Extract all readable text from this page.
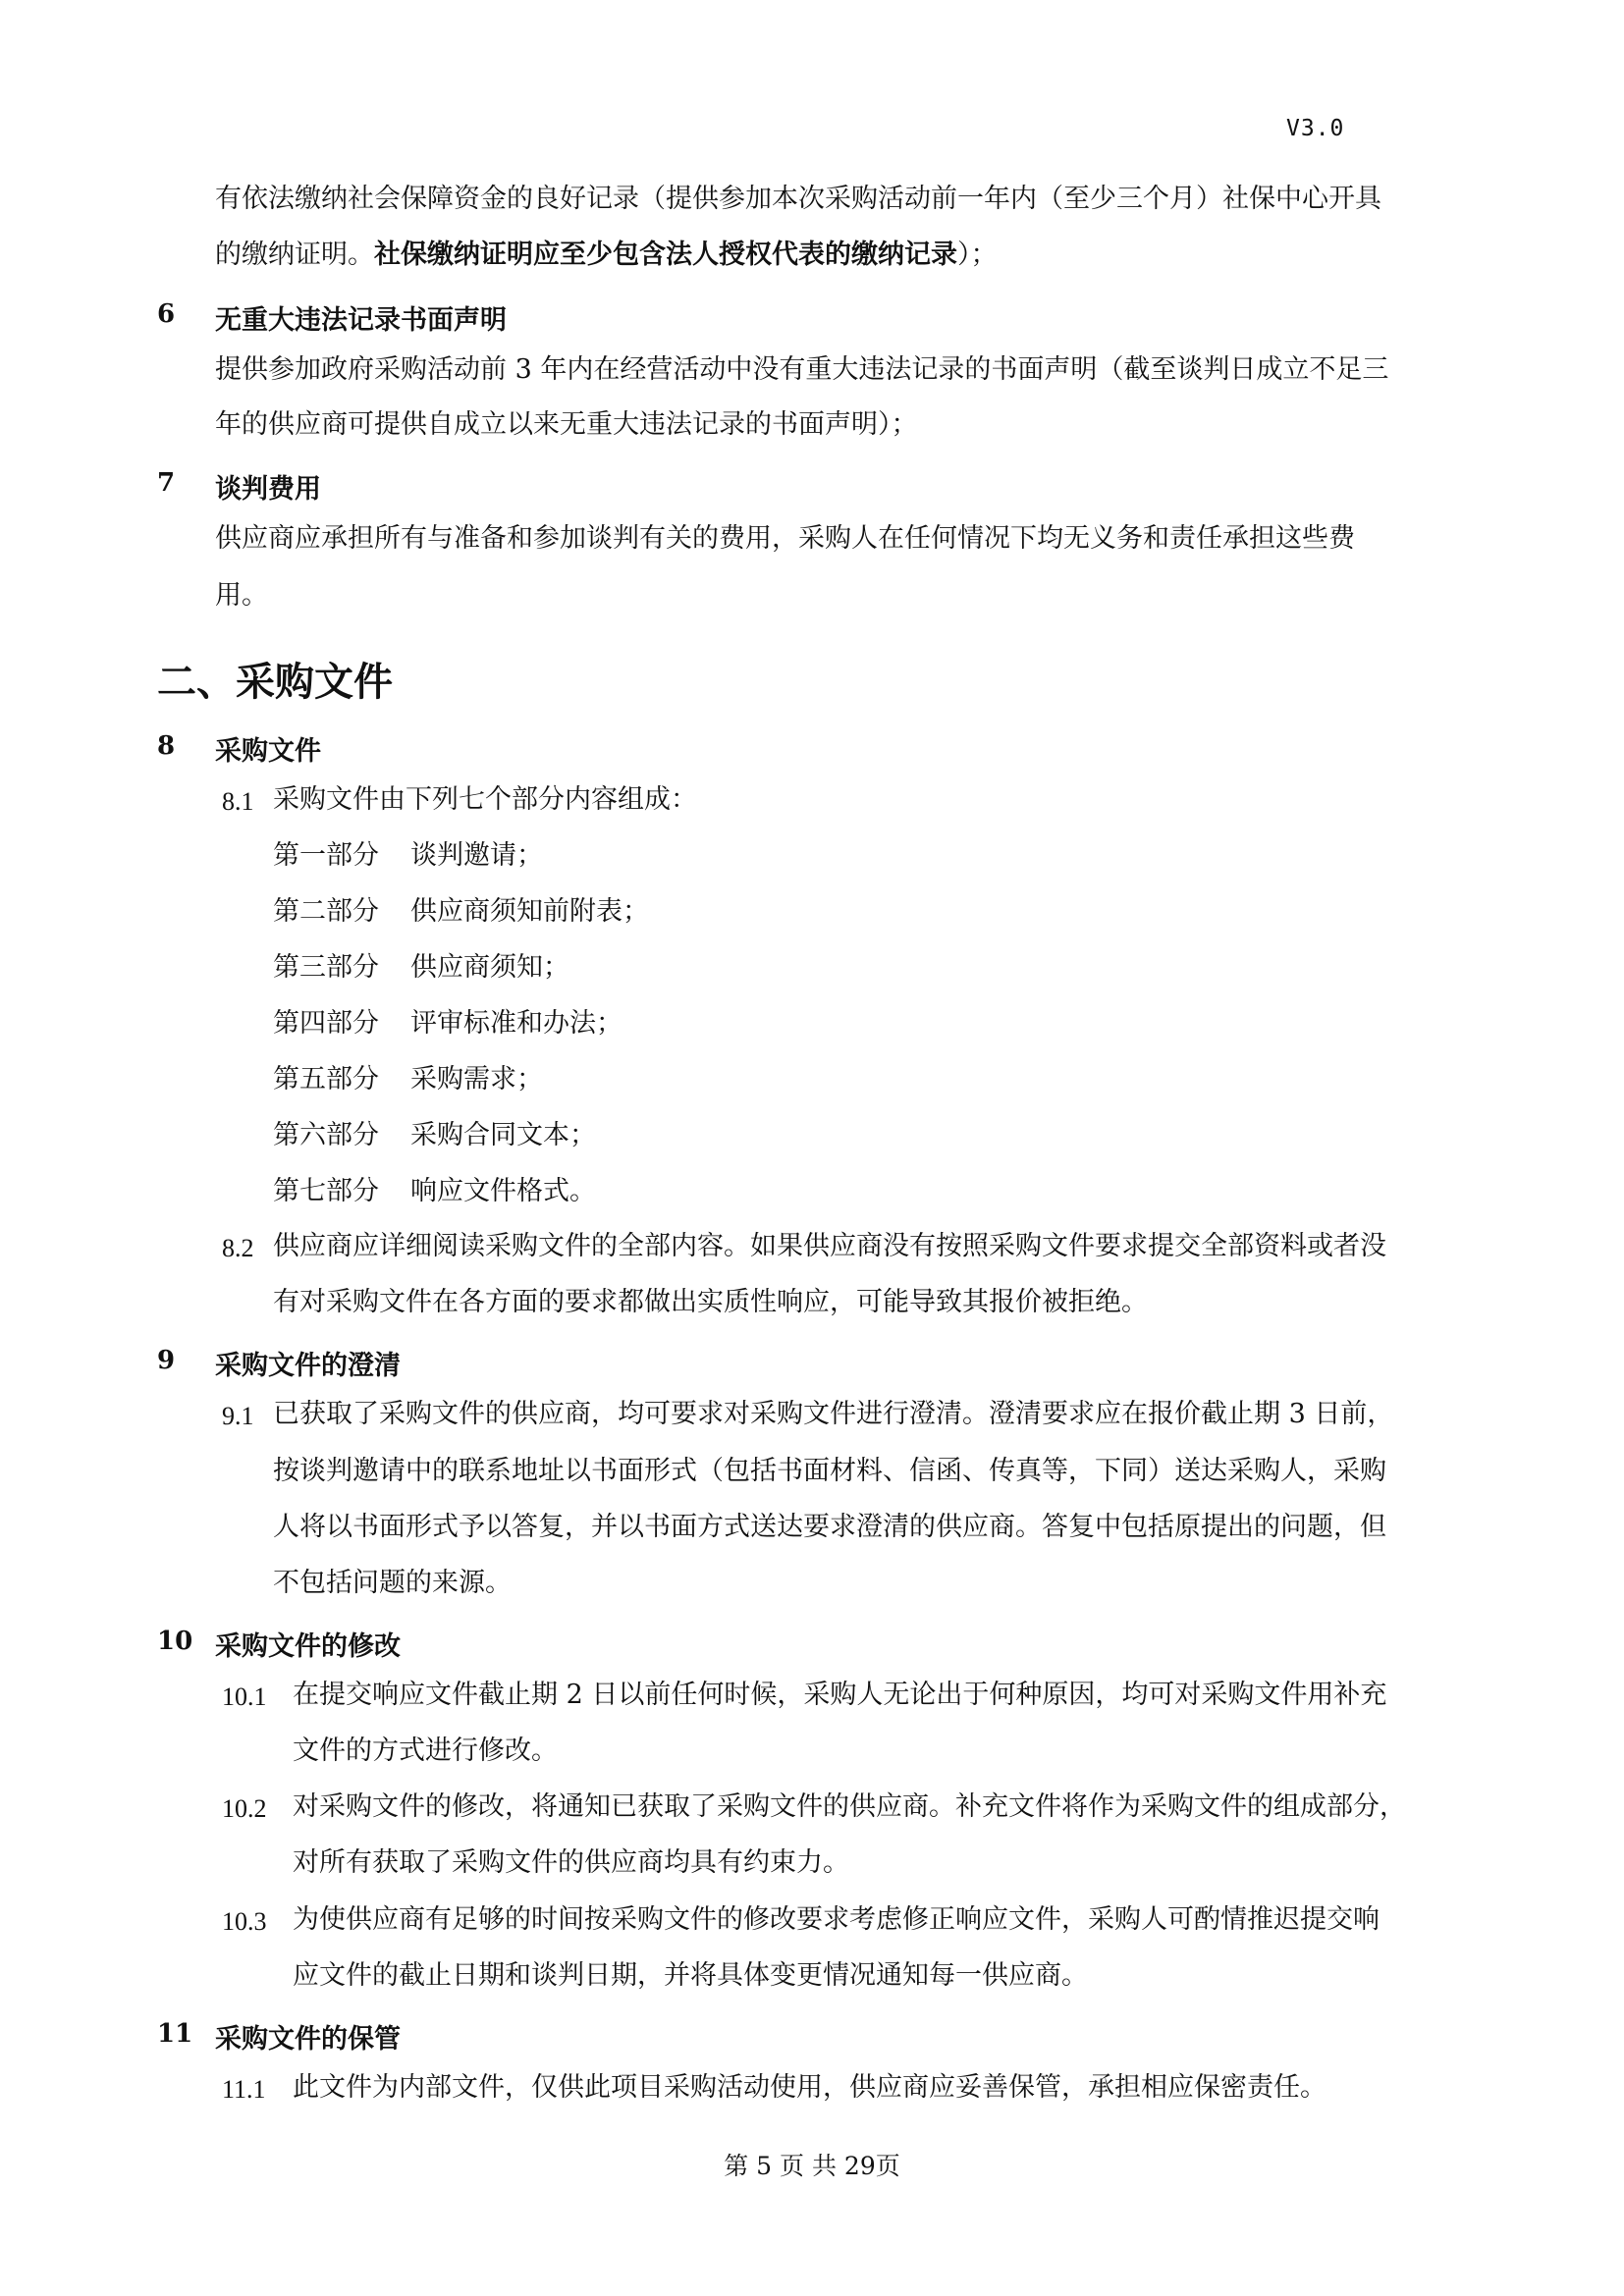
V3.0
有依法缴纳社会保障资金的良好记录（提供参加本次采购活动前一年内（至少三个月）社保中心开具
的缴纳证明。社保缴纳证明应至少包含法人授权代表的缴纳记录）；
6 无重大违法记录书面声明
提供参加政府采购活动前 3 年内在经营活动中没有重大违法记录的书面声明（截至谈判日成立不足三
年的供应商可提供自成立以来无重大违法记录的书面声明）；
7 谈判费用
供应商应承担所有与准备和参加谈判有关的费用，采购人在任何情况下均无义务和责任承担这些费
用。
二、采购文件
8 采购文件
8.1 采购文件由下列七个部分内容组成：
第一部分 谈判邀请；
第二部分 供应商须知前附表；
第三部分 供应商须知；
第四部分 评审标准和办法；
第五部分 采购需求；
第六部分 采购合同文本；
第七部分 响应文件格式。
8.2 供应商应详细阅读采购文件的全部内容。如果供应商没有按照采购文件要求提交全部资料或者没
有对采购文件在各方面的要求都做出实质性响应，可能导致其报价被拒绝。
9 采购文件的澄清
9.1 已获取了采购文件的供应商，均可要求对采购文件进行澄清。澄清要求应在报价截止期 3 日前，
按谈判邀请中的联系地址以书面形式（包括书面材料、信函、传真等，下同）送达采购人，采购
人将以书面形式予以答复，并以书面方式送达要求澄清的供应商。答复中包括原提出的问题，但
不包括问题的来源。
10 采购文件的修改
10.1 在提交响应文件截止期 2 日以前任何时候，采购人无论出于何种原因，均可对采购文件用补充
文件的方式进行修改。
10.2 对采购文件的修改，将通知已获取了采购文件的供应商。补充文件将作为采购文件的组成部分，
对所有获取了采购文件的供应商均具有约束力。
10.3 为使供应商有足够的时间按采购文件的修改要求考虑修正响应文件，采购人可酌情推迟提交响
应文件的截止日期和谈判日期，并将具体变更情况通知每一供应商。
11 采购文件的保管
11.1 此文件为内部文件，仅供此项目采购活动使用，供应商应妥善保管，承担相应保密责任。
第 5 页 共 29页
